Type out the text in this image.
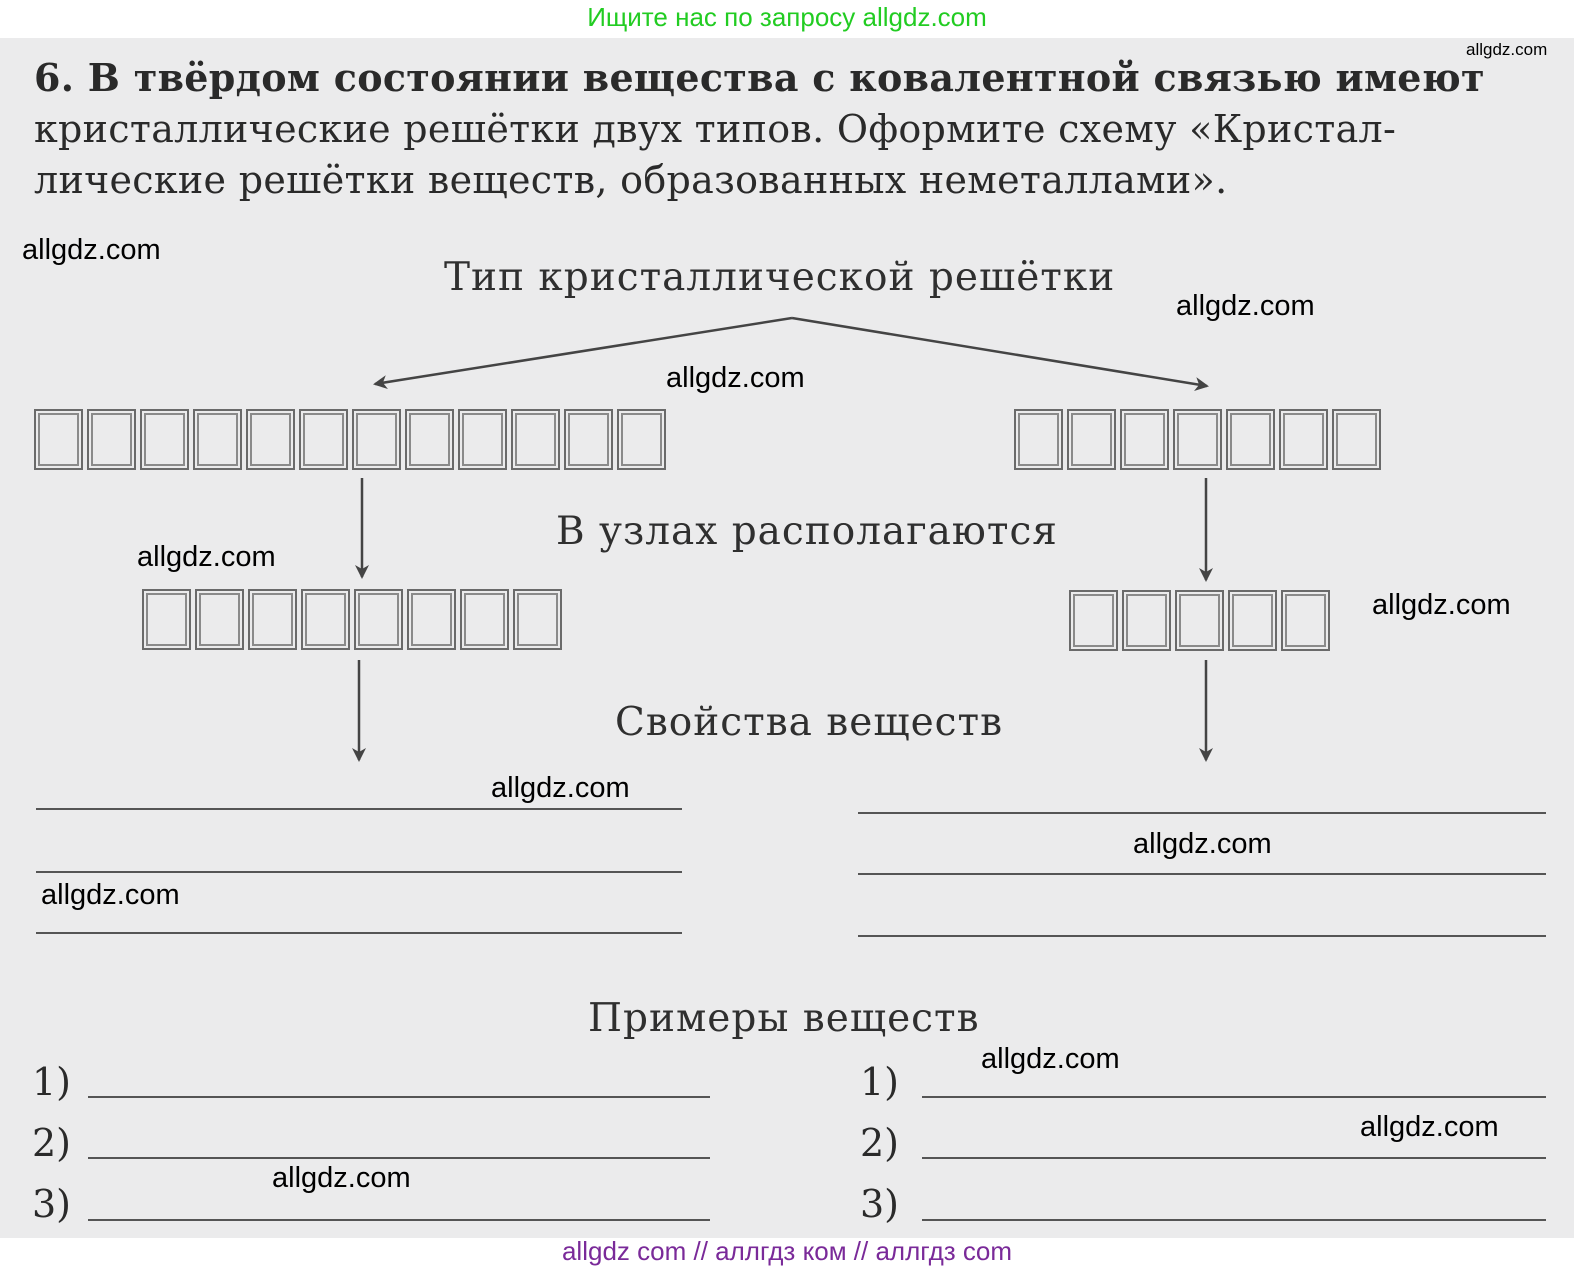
Ищите нас по запросу allgdz.com
6. В твёрдом состоянии вещества с ковалентной связью имеют
кристаллические решётки двух типов. Оформите схему «Кристал-
лические решётки веществ, образованных неметаллами».
Тип кристаллической решётки
В узлах располагаются
Свойства веществ
Примеры веществ
1)
2)
3)
1)
2)
3)
allgdz.com
allgdz.com
allgdz.com
allgdz.com
allgdz.com
allgdz.com
allgdz.com
allgdz.com
allgdz.com
allgdz.com
allgdz.com
allgdz.com
allgdz com // аллгдз ком // аллгдз com
